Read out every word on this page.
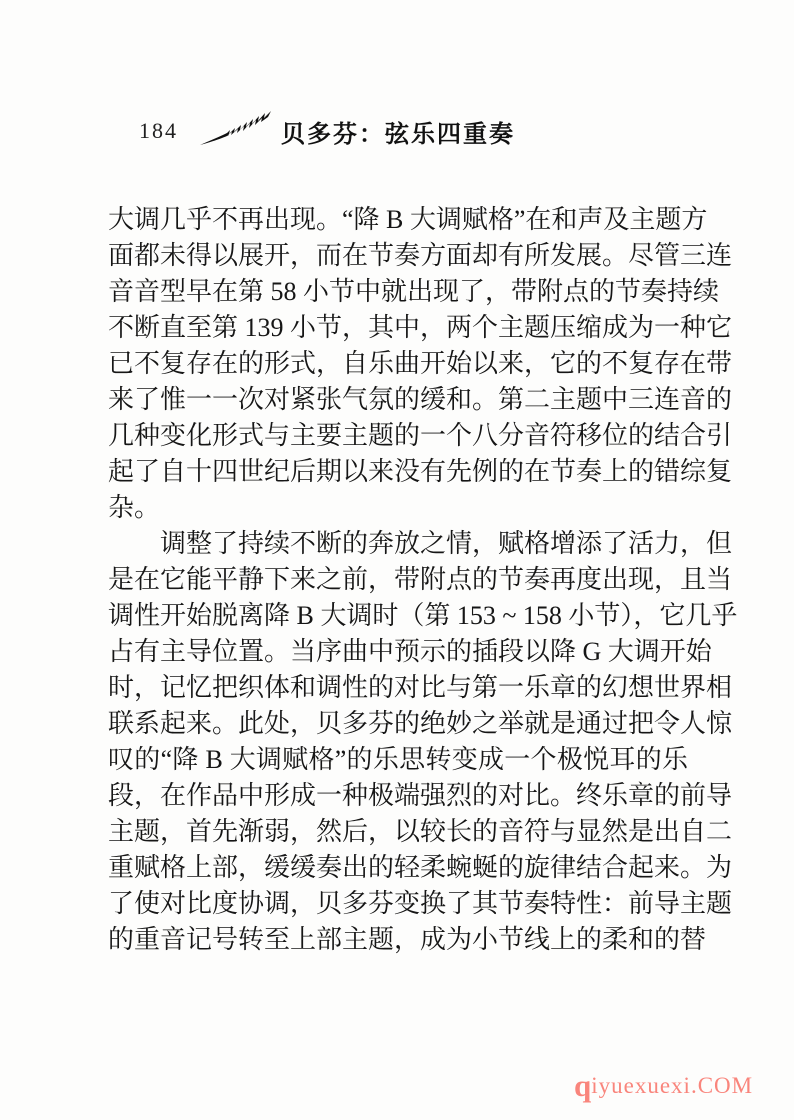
184	贝多芬：弦乐四重奏
大调几乎不再出现。“降 B 大调赋格”在和声及主题方
面都未得以展开，而在节奏方面却有所发展。尽管三连
音音型早在第 58 小节中就出现了，带附点的节奏持续
不断直至第 139 小节，其中，两个主题压缩成为一种它
已不复存在的形式，自乐曲开始以来，它的不复存在带
来了惟一一次对紧张气氛的缓和。第二主题中三连音的
几种变化形式与主要主题的一个八分音符移位的结合引
起了自十四世纪后期以来没有先例的在节奏上的错综复
杂。
调整了持续不断的奔放之情，赋格增添了活力，但
是在它能平静下来之前，带附点的节奏再度出现，且当
调性开始脱离降 B 大调时（第 153 ~ 158 小节），它几乎
占有主导位置。当序曲中预示的插段以降 G 大调开始
时，记忆把织体和调性的对比与第一乐章的幻想世界相
联系起来。此处，贝多芬的绝妙之举就是通过把令人惊
叹的“降 B 大调赋格”的乐思转变成一个极悦耳的乐
段，在作品中形成一种极端强烈的对比。终乐章的前导
主题，首先渐弱，然后，以较长的音符与显然是出自二
重赋格上部，缓缓奏出的轻柔蜿蜒的旋律结合起来。为
了使对比度协调，贝多芬变换了其节奏特性：前导主题
的重音记号转至上部主题，成为小节线上的柔和的替
qiyuexuexi.COM
